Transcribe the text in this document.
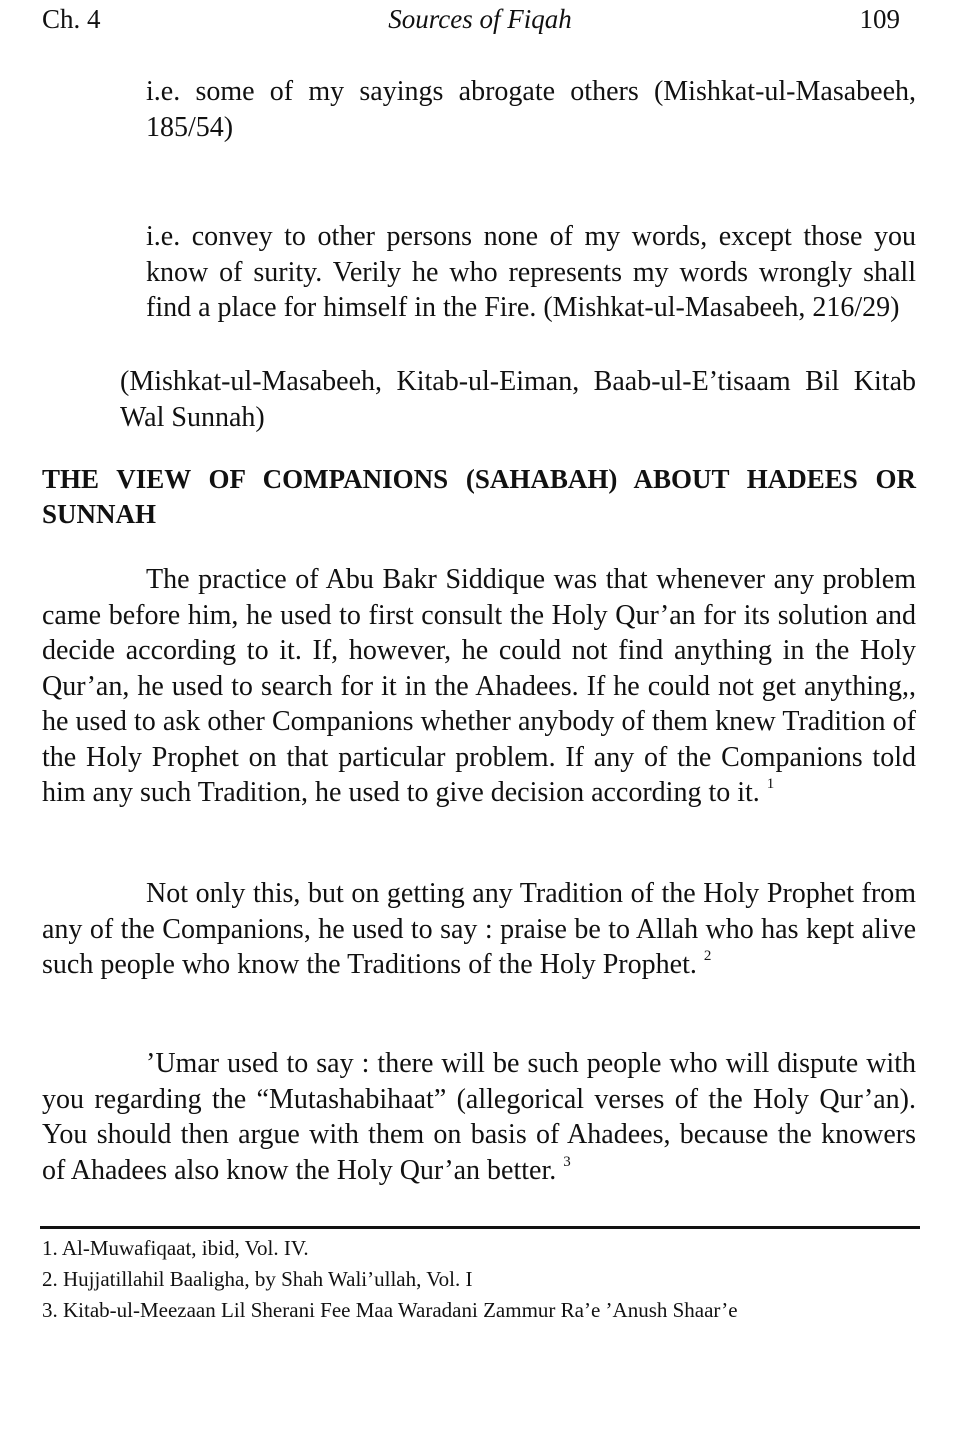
Ch. 4	Sources of Fiqah	109

i.e. some of my sayings abrogate others (Mishkat-ul-Masabeeh, 185/54)

i.e. convey to other persons none of my words, except those you know of surity. Verily he who represents my words wrongly shall find a place for himself in the Fire. (Mishkat-ul-Masabeeh, 216/29)

(Mishkat-ul-Masabeeh, Kitab-ul-Eiman, Baab-ul-E’tisaam Bil Kitab Wal Sunnah)

THE VIEW OF COMPANIONS (SAHABAH) ABOUT HADEES OR SUNNAH

The practice of Abu Bakr Siddique was that whenever any problem came before him, he used to first consult the Holy Qur’an for its solution and decide according to it. If, however, he could not find anything in the Holy Qur’an, he used to search for it in the Ahadees. If he could not get anything,, he used to ask other Companions whether anybody of them knew Tradition of the Holy Prophet on that particular problem. If any of the Companions told him any such Tradition, he used to give decision according to it. $^1$

Not only this, but on getting any Tradition of the Holy Prophet from any of the Companions, he used to say : praise be to Allah who has kept alive such people who know the Traditions of the Holy Prophet. $^2$

’Umar used to say : there will be such people who will dispute with you regarding the “Mutashabihaat” (allegorical verses of the Holy Qur’an). You should then argue with them on basis of Ahadees, because the knowers of Ahadees also know the Holy Qur’an better. $^3$

1. Al-Muwafiqaat, ibid, Vol. IV.
2. Hujjatillahil Baaligha, by Shah Wali’ullah, Vol. I
3. Kitab-ul-Meezaan Lil Sherani Fee Maa Waradani Zammur Ra’e ’Anush Shaar’e
